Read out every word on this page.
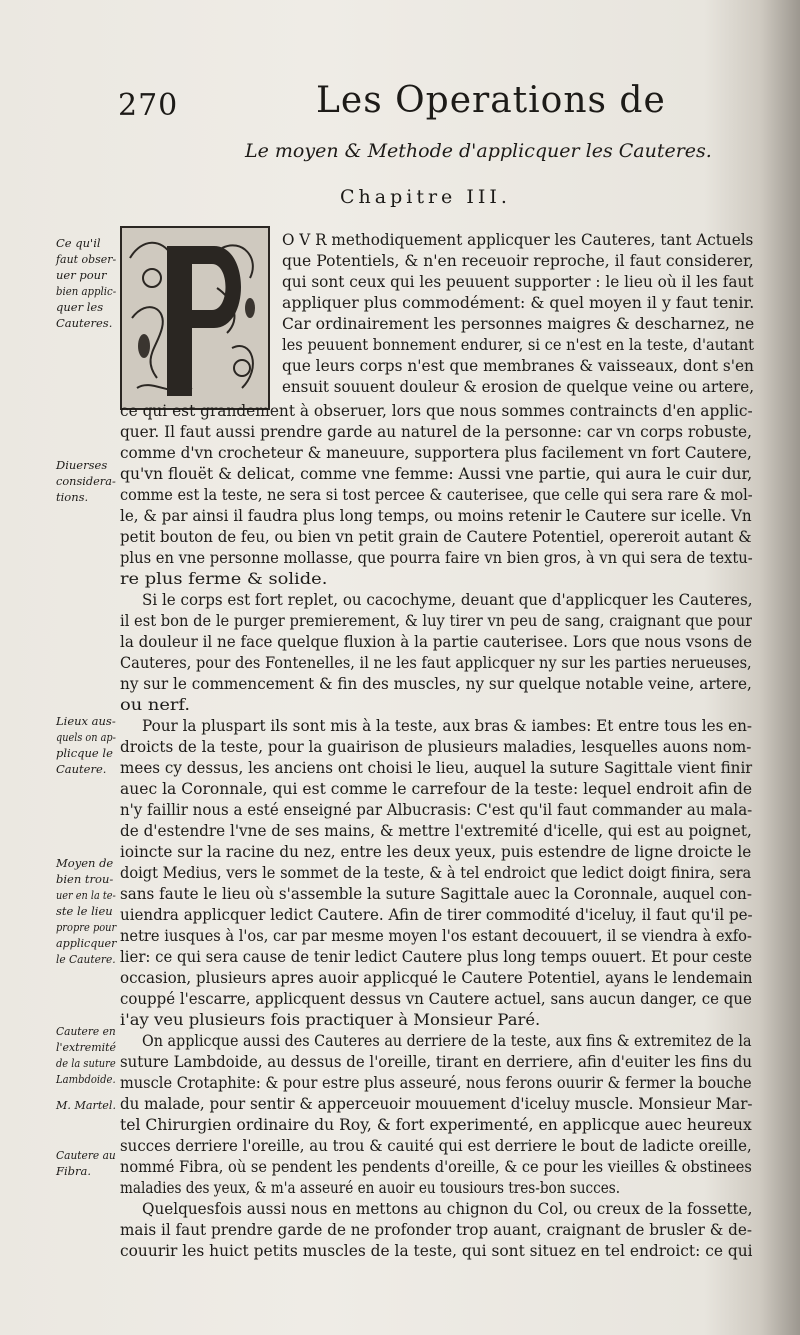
270	Les Operations de
Le moyen & Methode d'applicquer les Cauteres.
Chapitre III.
O V R methodiquement applicquer les Cauteres, tant Actuels
que Potentiels, & n'en receuoir reproche, il faut considerer,
qui sont ceux qui les peuuent supporter : le lieu où il les faut
appliquer plus commodément: & quel moyen il y faut tenir.
Car ordinairement les personnes maigres & descharnez, ne
les peuuent bonnement endurer, si ce n'est en la teste, d'autant
que leurs corps n'est que membranes & vaisseaux, dont s'en
ensuit souuent douleur & erosion de quelque veine ou artere,
ce qui est grandement à obseruer, lors que nous sommes contraincts d'en applic-
quer. Il faut aussi prendre garde au naturel de la personne: car vn corps robuste,
comme d'vn crocheteur & maneuure, supportera plus facilement vn fort Cautere,
qu'vn flouët & delicat, comme vne femme: Aussi vne partie, qui aura le cuir dur,
comme est la teste, ne sera si tost percee & cauterisee, que celle qui sera rare & mol-
le, & par ainsi il faudra plus long temps, ou moins retenir le Cautere sur icelle. Vn
petit bouton de feu, ou bien vn petit grain de Cautere Potentiel, opereroit autant &
plus en vne personne mollasse, que pourra faire vn bien gros, à vn qui sera de textu-
re plus ferme & solide.
Si le corps est fort replet, ou cacochyme, deuant que d'applicquer les Cauteres,
il est bon de le purger premierement, & luy tirer vn peu de sang, craignant que pour
la douleur il ne face quelque fluxion à la partie cauterisee. Lors que nous vsons de
Cauteres, pour des Fontenelles, il ne les faut applicquer ny sur les parties nerueuses,
ny sur le commencement & fin des muscles, ny sur quelque notable veine, artere,
ou nerf.
Pour la pluspart ils sont mis à la teste, aux bras & iambes: Et entre tous les en-
droicts de la teste, pour la guairison de plusieurs maladies, lesquelles auons nom-
mees cy dessus, les anciens ont choisi le lieu, auquel la suture Sagittale vient finir
auec la Coronnale, qui est comme le carrefour de la teste: lequel endroit afin de
n'y faillir nous a esté enseigné par Albucrasis: C'est qu'il faut commander au mala-
de d'estendre l'vne de ses mains, & mettre l'extremité d'icelle, qui est au poignet,
ioincte sur la racine du nez, entre les deux yeux, puis estendre de ligne droicte le
doigt Medius, vers le sommet de la teste, & à tel endroict que ledict doigt finira, sera
sans faute le lieu où s'assemble la suture Sagittale auec la Coronnale, auquel con-
uiendra applicquer ledict Cautere. Afin de tirer commodité d'iceluy, il faut qu'il pe-
netre iusques à l'os, car par mesme moyen l'os estant decouuert, il se viendra à exfo-
lier: ce qui sera cause de tenir ledict Cautere plus long temps ouuert. Et pour ceste
occasion, plusieurs apres auoir applicqué le Cautere Potentiel, ayans le lendemain
couppé l'escarre, applicquent dessus vn Cautere actuel, sans aucun danger, ce que
i'ay veu plusieurs fois practiquer à Monsieur Paré.
On applicque aussi des Cauteres au derriere de la teste, aux fins & extremitez de la
suture Lambdoide, au dessus de l'oreille, tirant en derriere, afin d'euiter les fins du
muscle Crotaphite: & pour estre plus asseuré, nous ferons ouurir & fermer la bouche
du malade, pour sentir & apperceuoir mouuement d'iceluy muscle. Monsieur Mar-
tel Chirurgien ordinaire du Roy, & fort experimenté, en applicque auec heureux
succes derriere l'oreille, au trou & cauité qui est derriere le bout de ladicte oreille,
nommé Fibra, où se pendent les pendents d'oreille, & ce pour les vieilles & obstinees
maladies des yeux, & m'a asseuré en auoir eu tousiours tres-bon succes.
Quelquesfois aussi nous en mettons au chignon du Col, ou creux de la fossette,
mais il faut prendre garde de ne profonder trop auant, craignant de brusler & de-
couurir les huict petits muscles de la teste, qui sont situez en tel endroict: ce qui
Ce qu'il
faut obser-
uer pour
bien applic-
quer les
Cauteres.
Diuerses
considera-
tions.
Lieux aus-
quels on ap-
plicque le
Cautere.
Moyen de
bien trou-
uer en la te-
ste le lieu
propre pour
applicquer
le Cautere.
Cautere en
l'extremité
de la suture
Lambdoide.
M. Martel.
Cautere au
Fibra.
